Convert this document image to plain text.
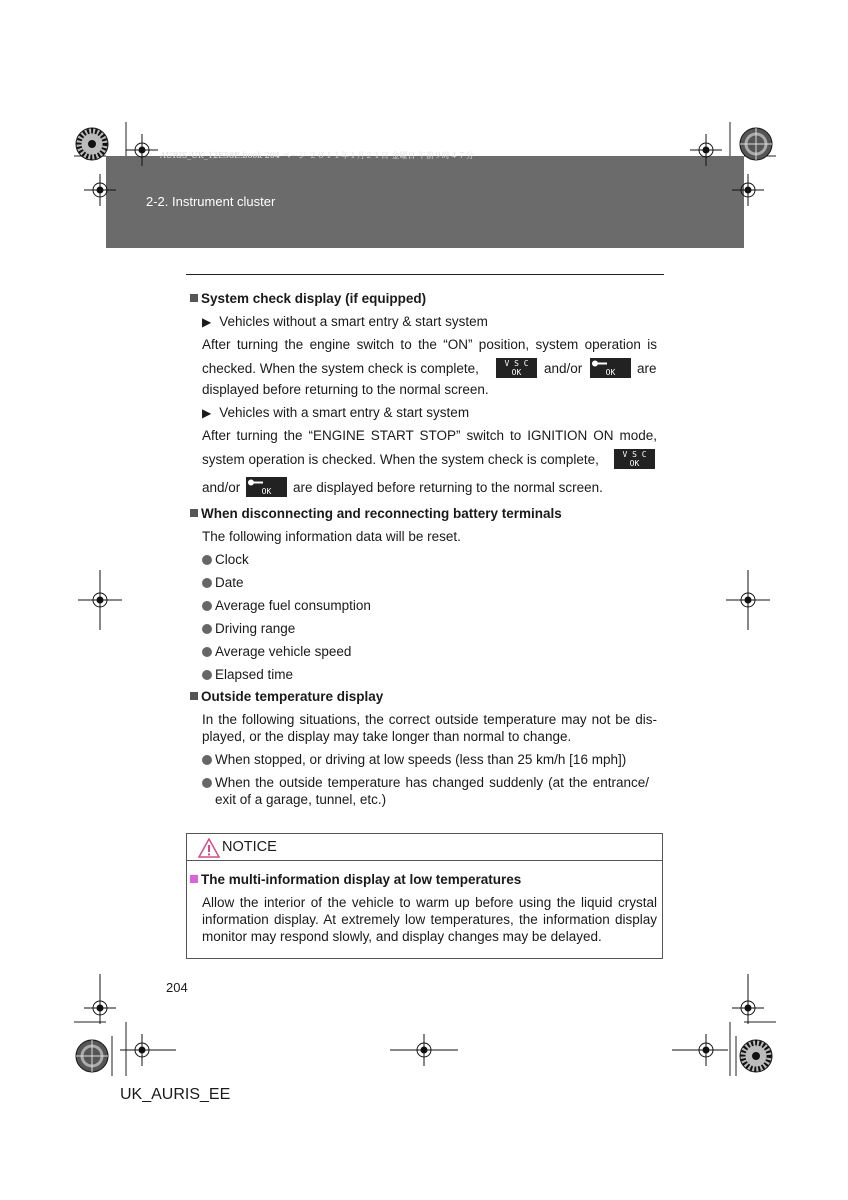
AURIS_UK_12E58E.book 204 ページ ２０１１年１月２１日 金曜日 午前９時４７分
2-2. Instrument cluster
System check display (if equipped)
▶ Vehicles without a smart entry & start system
After turning the engine switch to the “ON” position, system operation is
checked. When the system check is complete,	V S C
OK	and/or	OK	are
displayed before returning to the normal screen.
▶ Vehicles with a smart entry & start system
After turning the “ENGINE START STOP” switch to IGNITION ON mode,
system operation is checked. When the system check is complete,	V S C
OK
and/or	OK	are displayed before returning to the normal screen.
When disconnecting and reconnecting battery terminals
The following information data will be reset.
Clock
Date
Average fuel consumption
Driving range
Average vehicle speed
Elapsed time
Outside temperature display
In the following situations, the correct outside temperature may not be dis-
played, or the display may take longer than normal to change.
When stopped, or driving at low speeds (less than 25 km/h [16 mph])
When the outside temperature has changed suddenly (at the entrance/
exit of a garage, tunnel, etc.)
NOTICE
The multi-information display at low temperatures
Allow the interior of the vehicle to warm up before using the liquid crystal
information display. At extremely low temperatures, the information display
monitor may respond slowly, and display changes may be delayed.
204
UK_AURIS_EE
